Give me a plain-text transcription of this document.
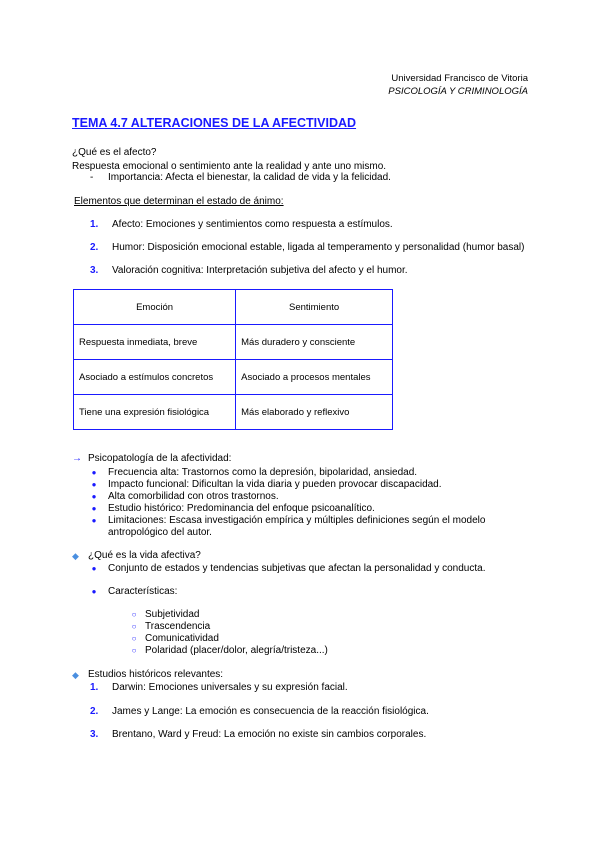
Universidad Francisco de Vitoria
PSICOLOGÍA Y CRIMINOLOGÍA
TEMA 4.7 ALTERACIONES DE LA AFECTIVIDAD
¿Qué es el afecto?
Respuesta emocional o sentimiento ante la realidad y ante uno mismo.
- Importancia: Afecta el bienestar, la calidad de vida y la felicidad.
Elementos que determinan el estado de ánimo:
1. Afecto: Emociones y sentimientos como respuesta a estímulos.
2. Humor: Disposición emocional estable, ligada al temperamento y personalidad (humor basal)
3. Valoración cognitiva: Interpretación subjetiva del afecto y el humor.
Emoción	Sentimiento
Respuesta inmediata, breve	Más duradero y consciente
Asociado a estímulos concretos	Asociado a procesos mentales
Tiene una expresión fisiológica	Más elaborado y reflexivo
→ Psicopatología de la afectividad:
●	Frecuencia alta: Trastornos como la depresión, bipolaridad, ansiedad.
●	Impacto funcional: Dificultan la vida diaria y pueden provocar discapacidad.
●	Alta comorbilidad con otros trastornos.
●	Estudio histórico: Predominancia del enfoque psicoanalítico.
●	Limitaciones: Escasa investigación empírica y múltiples definiciones según el modelo
antropológico del autor.
◆ ¿Qué es la vida afectiva?
●	Conjunto de estados y tendencias subjetivas que afectan la personalidad y conducta.
●	Características:
○ Subjetividad
○ Trascendencia
○ Comunicatividad
○ Polaridad (placer/dolor, alegría/tristeza...)
◆ Estudios históricos relevantes:
1. Darwin: Emociones universales y su expresión facial.
2. James y Lange: La emoción es consecuencia de la reacción fisiológica.
3. Brentano, Ward y Freud: La emoción no existe sin cambios corporales.
